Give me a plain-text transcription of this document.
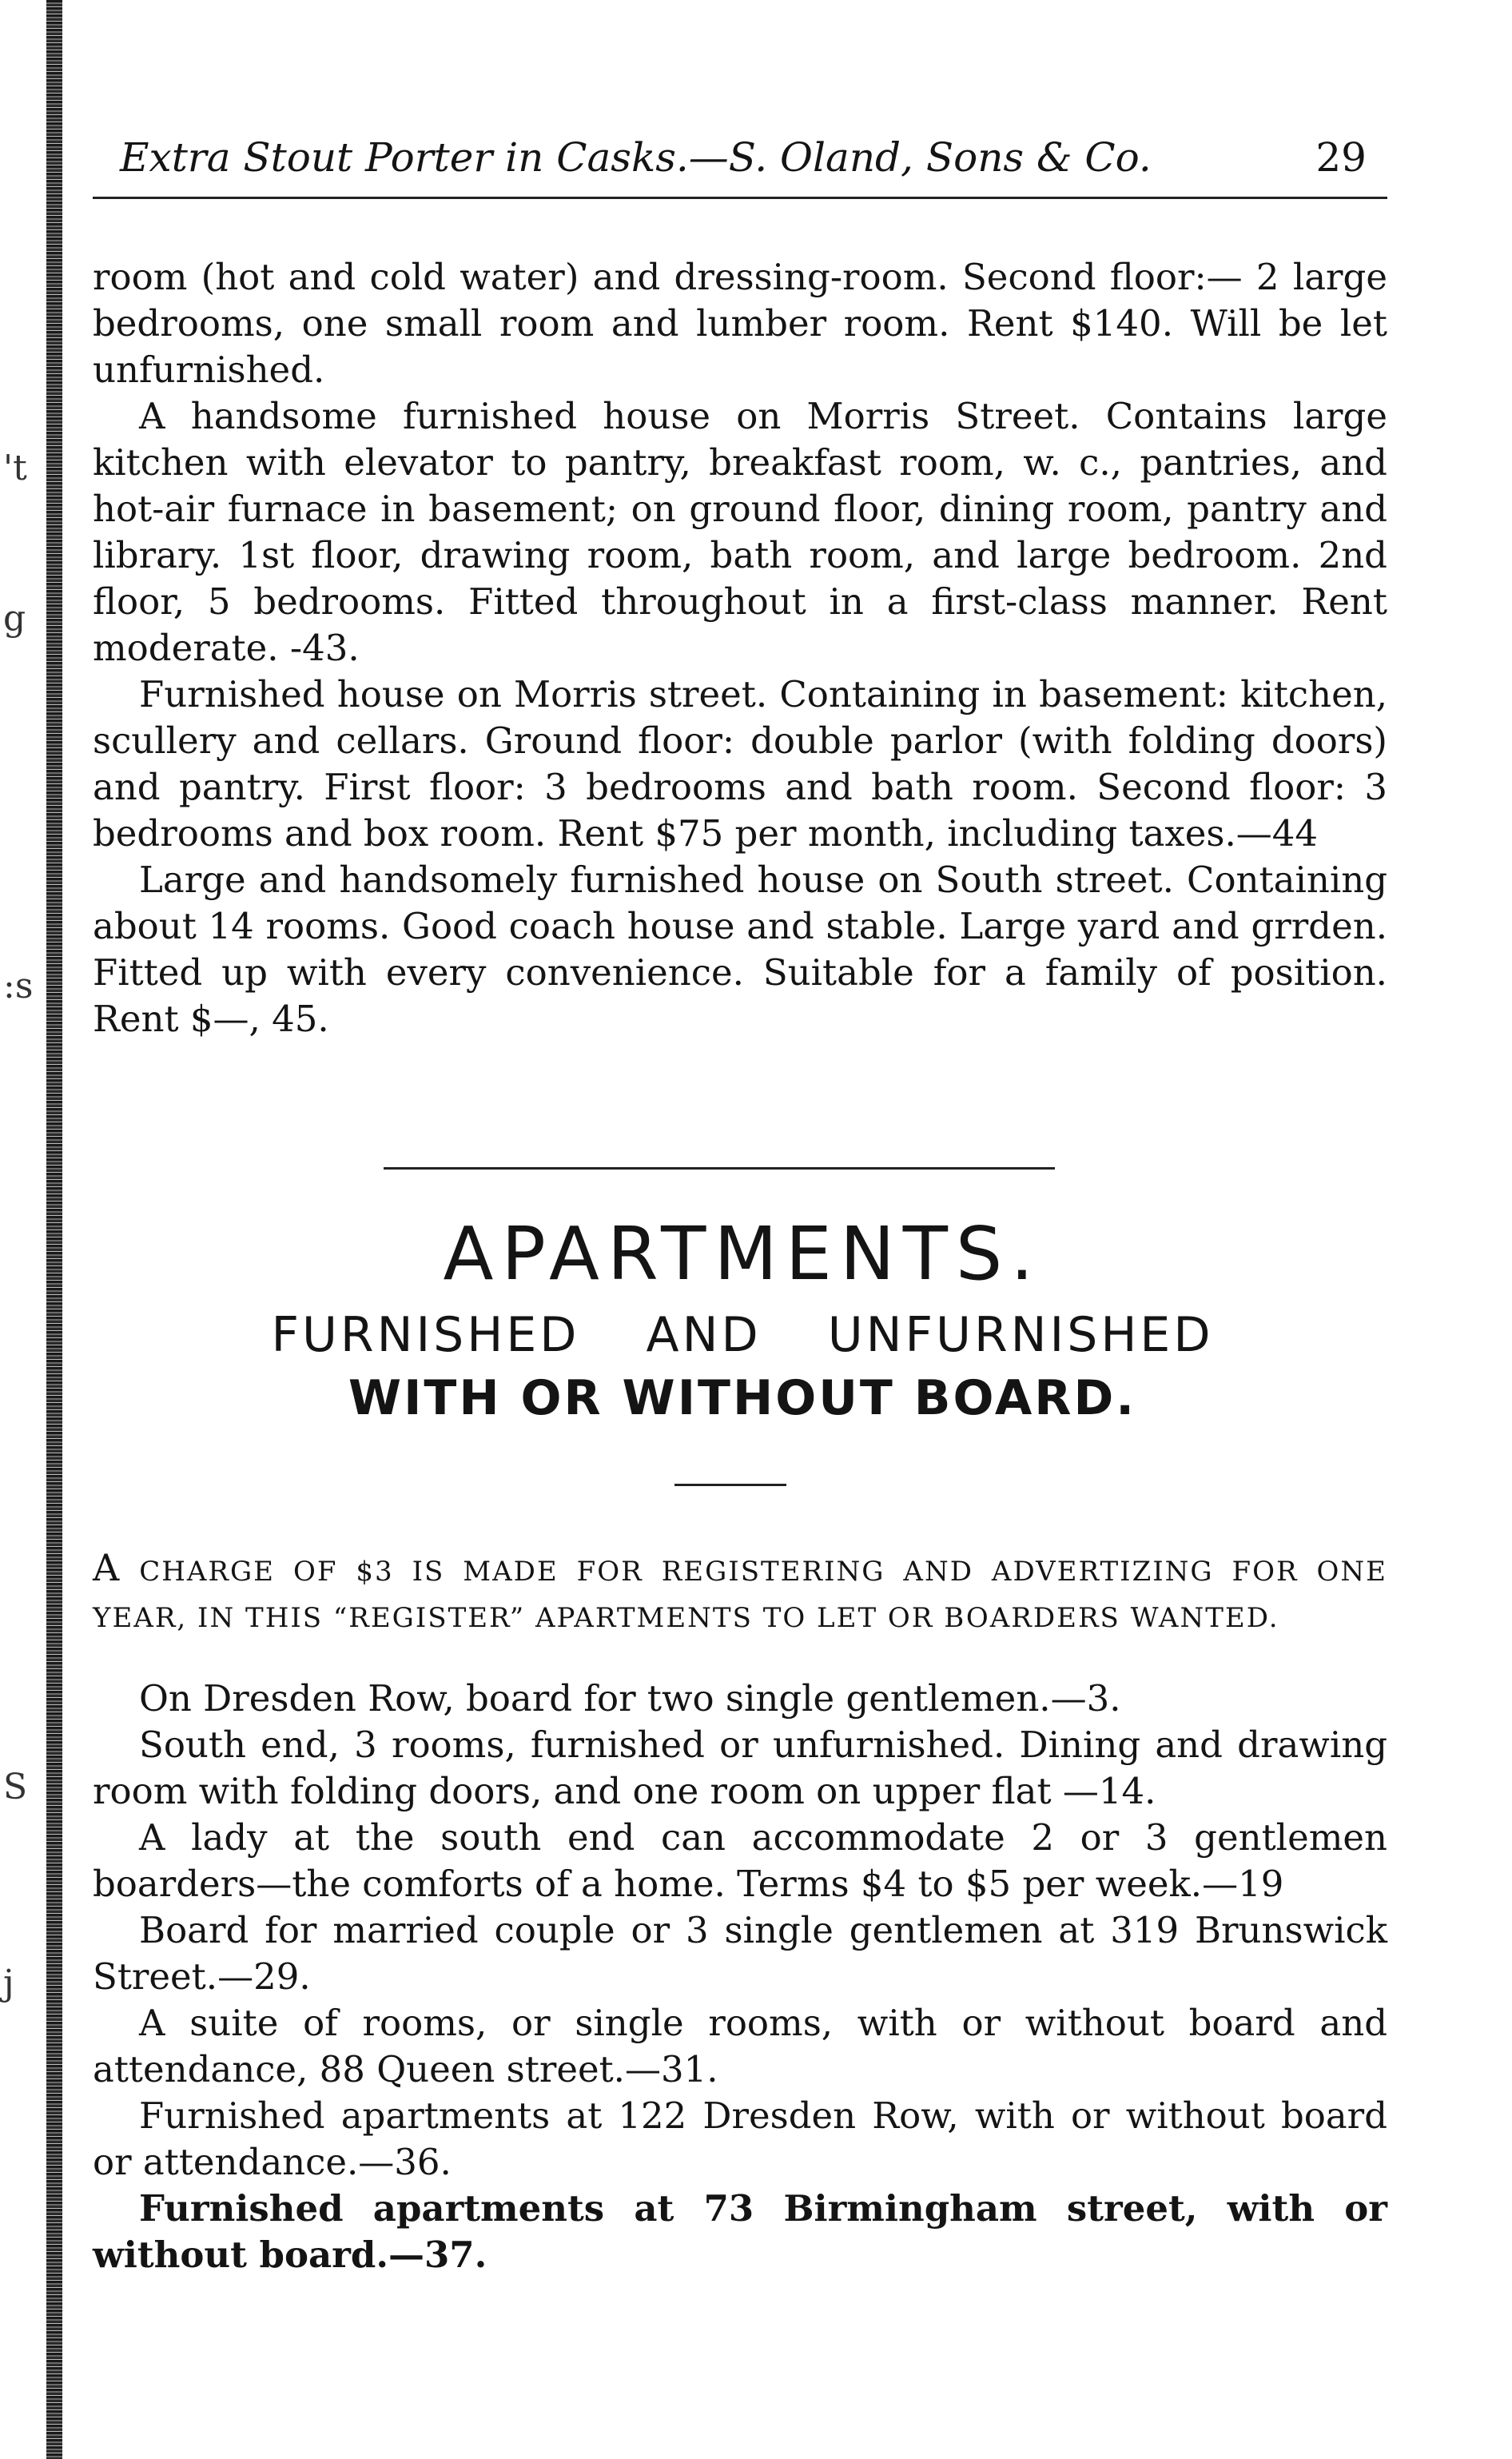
't
g
:s
S
j
Extra Stout Porter in Casks.—S. Oland, Sons & Co.	29

room (hot and cold water) and dressing-room. Second floor:— 2 large bedrooms, one small room and lumber room. Rent $140. Will be let unfurnished.

A handsome furnished house on Morris Street. Contains large kitchen with elevator to pantry, breakfast room, w. c., pantries, and hot-air furnace in basement; on ground floor, dining room, pantry and library. 1st floor, drawing room, bath room, and large bedroom. 2nd floor, 5 bedrooms. Fitted throughout in a first-class manner. Rent moderate. -43.

Furnished house on Morris street. Containing in basement: kitchen, scullery and cellars. Ground floor: double parlor (with folding doors) and pantry. First floor: 3 bedrooms and bath room. Second floor: 3 bedrooms and box room. Rent $75 per month, including taxes.—44

Large and handsomely furnished house on South street. Containing about 14 rooms. Good coach house and stable. Large yard and grrden. Fitted up with every convenience. Suitable for a family of position. Rent $—, 45.

APARTMENTS.
FURNISHED AND UNFURNISHED
WITH OR WITHOUT BOARD.
A CHARGE OF $3 IS MADE FOR REGISTERING AND ADVERTIZING FOR ONE YEAR, IN THIS “REGISTER” APARTMENTS TO LET OR BOARDERS WANTED.

On Dresden Row, board for two single gentlemen.—3.

South end, 3 rooms, furnished or unfurnished. Dining and drawing room with folding doors, and one room on upper flat —14.

A lady at the south end can accommodate 2 or 3 gentlemen boarders—the comforts of a home. Terms $4 to $5 per week.—19

Board for married couple or 3 single gentlemen at 319 Brunswick Street.—29.

A suite of rooms, or single rooms, with or without board and attendance, 88 Queen street.—31.

Furnished apartments at 122 Dresden Row, with or without board or attendance.—36.

Furnished apartments at 73 Birmingham street, with or without board.—37.
